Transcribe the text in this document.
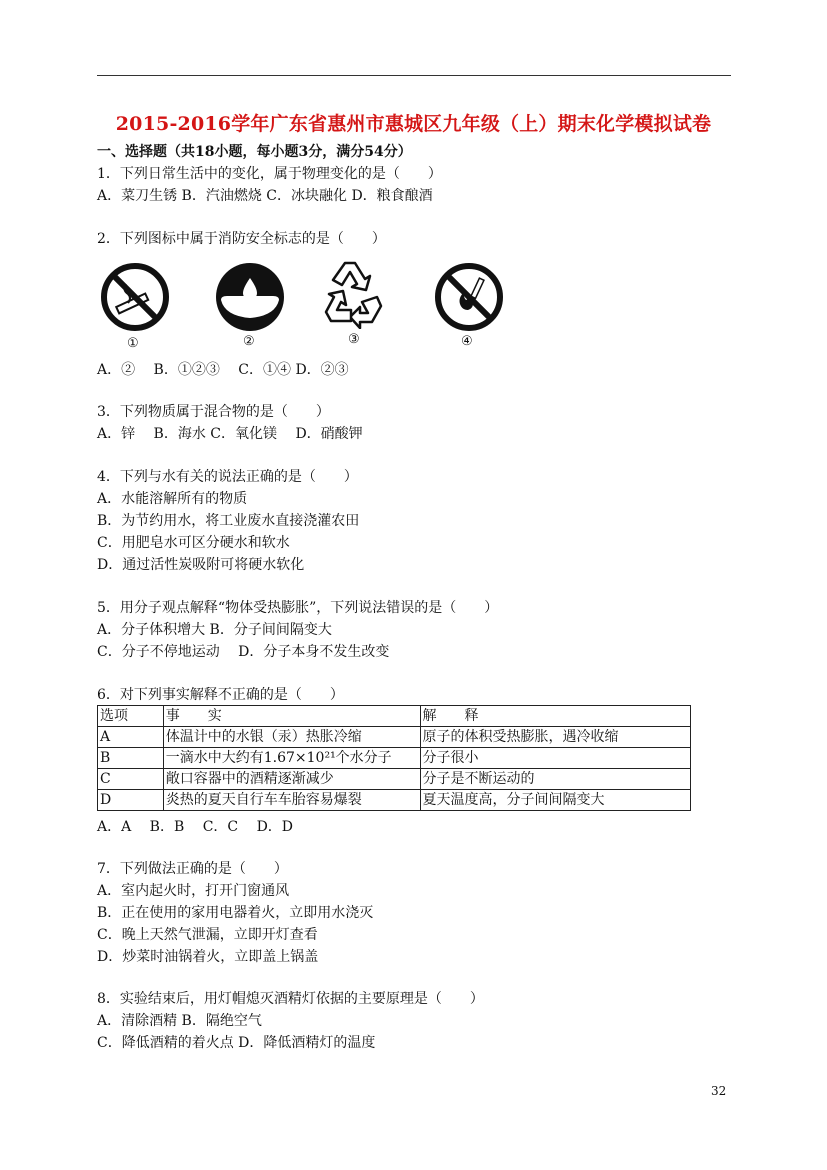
2015-2016学年广东省惠州市惠城区九年级（上）期末化学模拟试卷
一、选择题（共18小题，每小题3分，满分54分）
1．下列日常生活中的变化，属于物理变化的是（　　）
A．菜刀生锈 B．汽油燃烧 C．冰块融化 D．粮食酿酒
2．下列图标中属于消防安全标志的是（　　）
①	②	③	④
A．②　 B．①②③　 C．①④ D．②③
3．下列物质属于混合物的是（　　）
A．锌　 B．海水 C．氧化镁　 D．硝酸钾
4．下列与水有关的说法正确的是（　　）
A．水能溶解所有的物质
B．为节约用水，将工业废水直接浇灌农田
C．用肥皂水可区分硬水和软水
D．通过活性炭吸附可将硬水软化
5．用分子观点解释“物体受热膨胀”，下列说法错误的是（　　）
A．分子体积增大 B．分子间间隔变大
C．分子不停地运动　 D．分子本身不发生改变
6．对下列事实解释不正确的是（　　）
选项	事　　实	解　　释
A	体温计中的水银（汞）热胀冷缩	原子的体积受热膨胀，遇冷收缩
B	一滴水中大约有1.67×10²¹个水分子	分子很小
C	敞口容器中的酒精逐渐减少	分子是不断运动的
D	炎热的夏天自行车车胎容易爆裂	夏天温度高，分子间间隔变大
A．A　 B．B　 C．C　 D．D
7．下列做法正确的是（　　）
A．室内起火时，打开门窗通风
B．正在使用的家用电器着火，立即用水浇灭
C．晚上天然气泄漏，立即开灯查看
D．炒菜时油锅着火，立即盖上锅盖
8．实验结束后，用灯帽熄灭酒精灯依据的主要原理是（　　）
A．清除酒精 B．隔绝空气
C．降低酒精的着火点 D．降低酒精灯的温度
32
